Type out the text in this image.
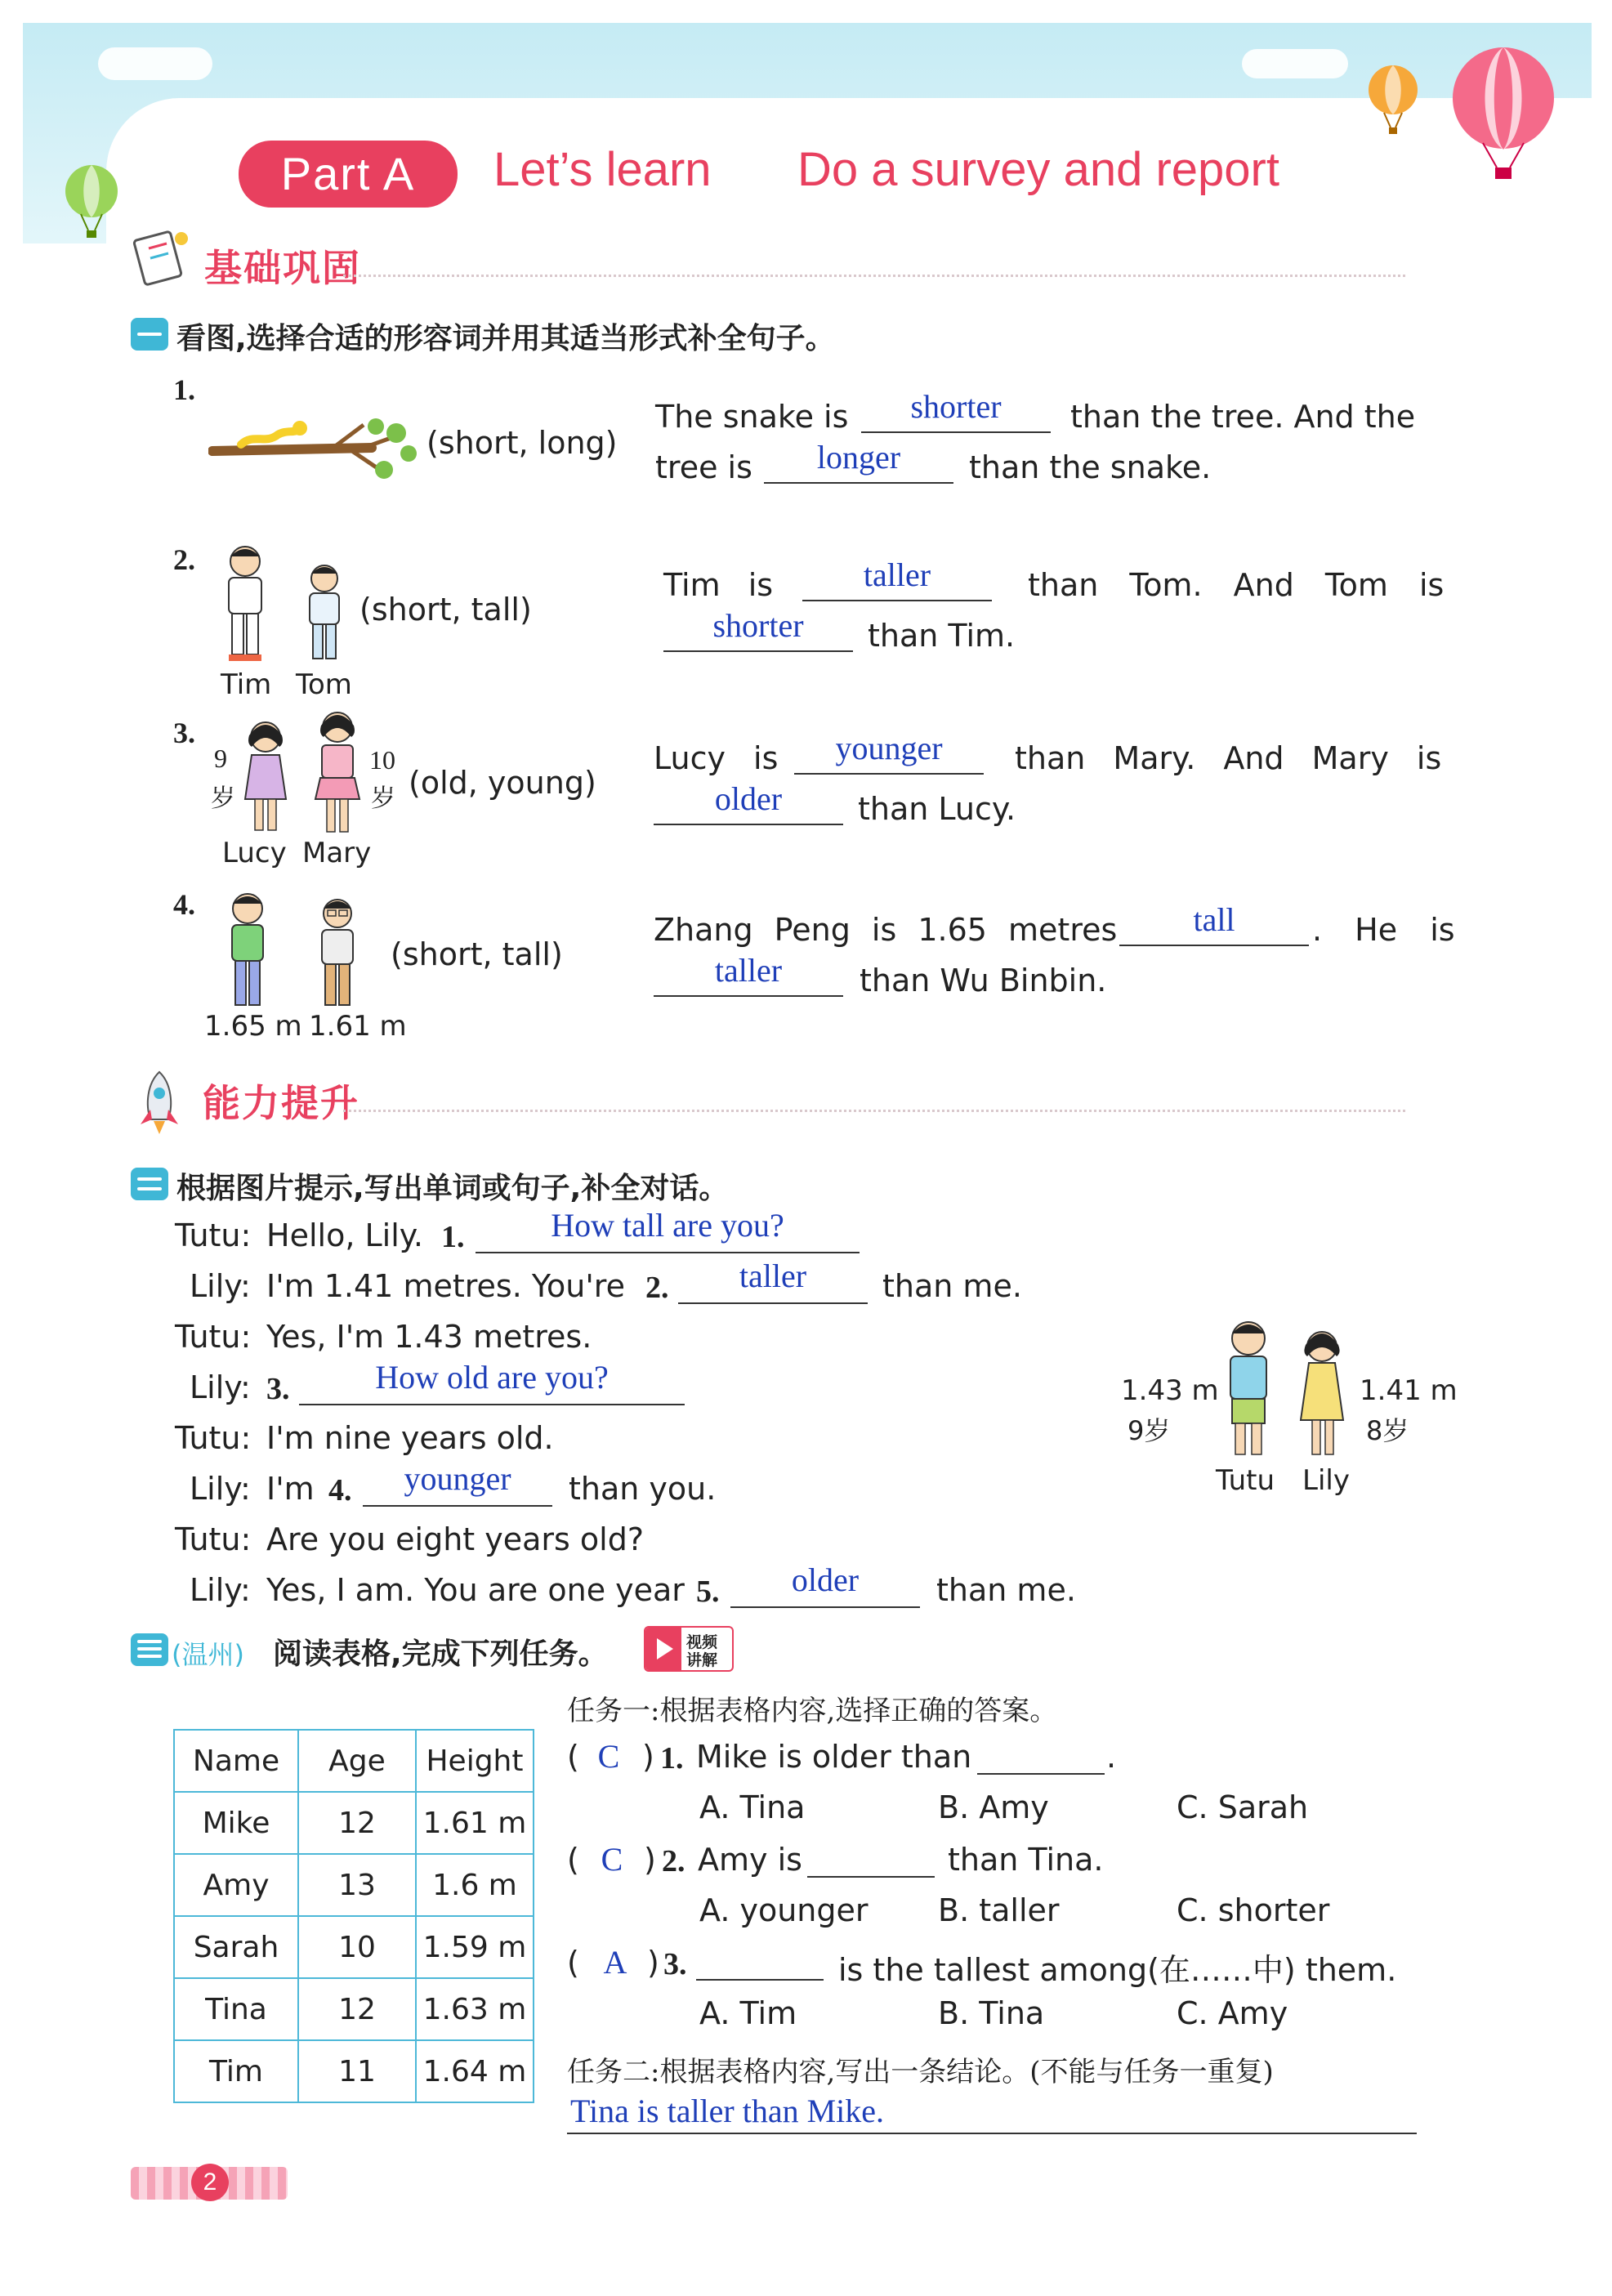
Part A	Let’s learn Do a survey and report
基础巩固
看图,选择合适的形容词并用其适当形式补全句子。
1.
(short, long)
The snake is	shorter	than the tree. And the
tree is	longer	than the snake.
2.
(short, tall)
Tim Tom
Tim is	taller	than Tom. And Tom is
shorter	than Tim.
3.
9
岁
10
岁 (old, young)
Lucy Mary
Lucy is	younger	than Mary. And Mary is
older	than Lucy.
4.
(short, tall)
1.65 m 1.61 m
Zhang Peng is 1.65 metres	tall	. He is
taller	than Wu Binbin.
能力提升
根据图片提示,写出单词或句子,补全对话。
Tutu: Hello, Lily. 1.	How tall are you?
Lily: I'm 1.41 metres. You're 2.	taller	than me.
Tutu: Yes, I'm 1.43 metres.
Lily: 3.	How old are you?
Tutu: I'm nine years old.
Lily: I'm 4.	younger	than you.
Tutu: Are you eight years old?
Lily: Yes, I am. You are one year 5.	older	than me.
1.43 m
9岁
1.41 m
8岁
Tutu Lily
(温州) 阅读表格,完成下列任务。	视频
讲解
Name	Age	Height
Mike	12	1.61 m
Amy	13	1.6 m
Sarah	10	1.59 m
Tina	12	1.63 m
Tim	11	1.64 m
任务一:根据表格内容,选择正确的答案。
( C ) 1. Mike is older than	.
A. Tina	B. Amy	C. Sarah
( C ) 2. Amy is	than Tina.
A. younger B. taller	C. shorter
( A ) 3.	is the tallest among(在……中) them.
A. Tim	B. Tina	C. Amy
任务二:根据表格内容,写出一条结论。(不能与任务一重复)
Tina is taller than Mike.
2
